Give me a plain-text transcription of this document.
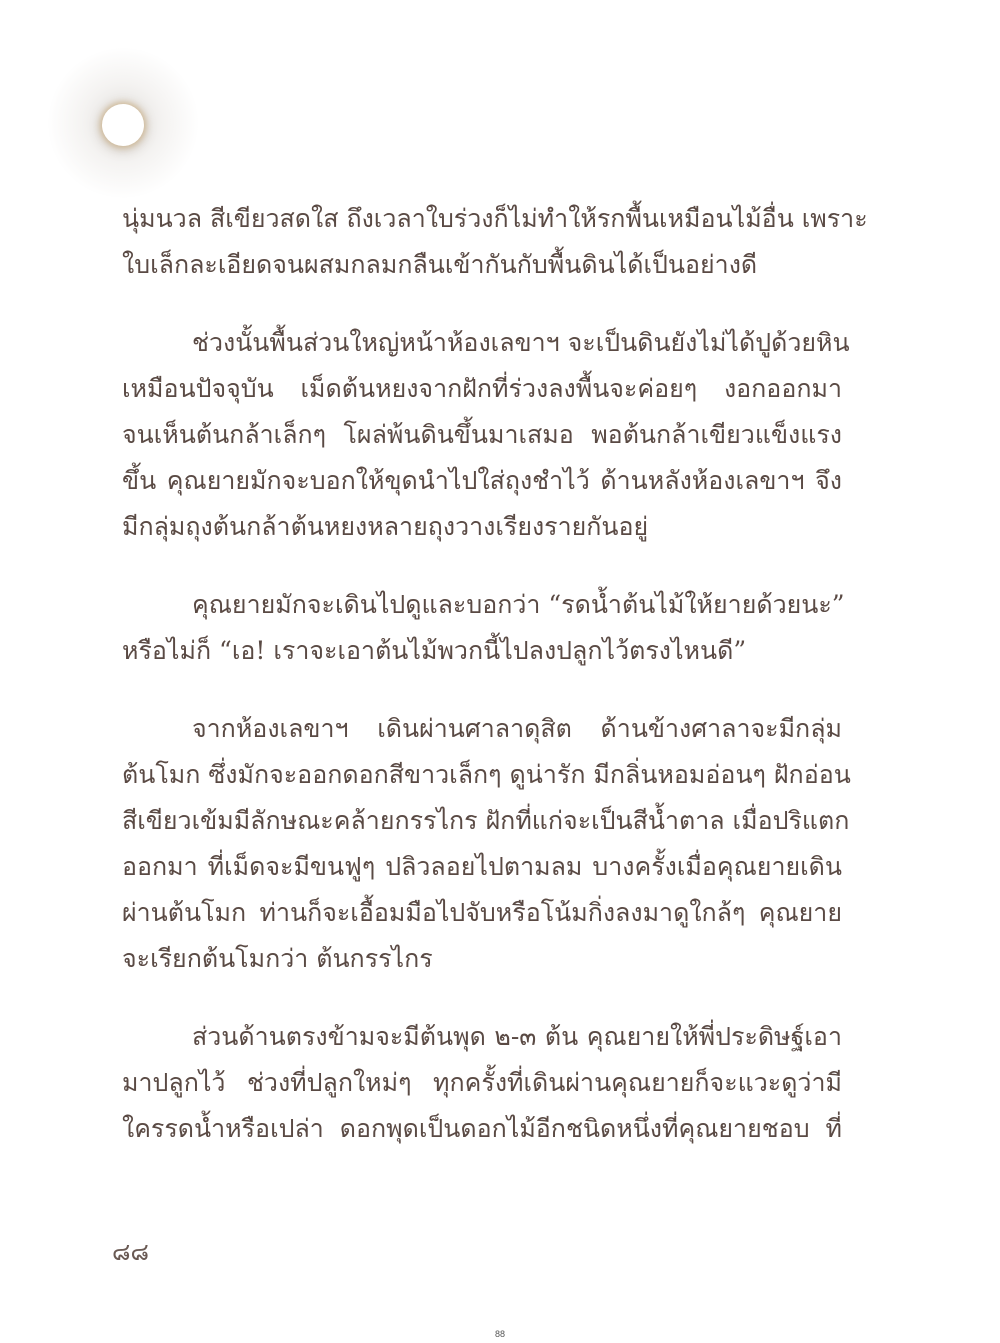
นุ่มนวล สีเขียวสดใส ถึงเวลาใบร่วงก็ไม่ทำให้รกพื้นเหมือนไม้อื่น เพราะ
ใบเล็กละเอียดจนผสมกลมกลืนเข้ากันกับพื้นดินได้เป็นอย่างดี
ช่วงนั้นพื้นส่วนใหญ่หน้าห้องเลขาฯ จะเป็นดินยังไม่ได้ปูด้วยหิน
เหมือนปัจจุบัน เม็ดต้นหยงจากฝักที่ร่วงลงพื้นจะค่อยๆ งอกออกมา
จนเห็นต้นกล้าเล็กๆ โผล่พ้นดินขึ้นมาเสมอ พอต้นกล้าเขียวแข็งแรง
ขึ้น คุณยายมักจะบอกให้ขุดนำไปใส่ถุงชำไว้ ด้านหลังห้องเลขาฯ จึง
มีกลุ่มถุงต้นกล้าต้นหยงหลายถุงวางเรียงรายกันอยู่
คุณยายมักจะเดินไปดูและบอกว่า “รดน้ำต้นไม้ให้ยายด้วยนะ”
หรือไม่ก็ “เอ! เราจะเอาต้นไม้พวกนี้ไปลงปลูกไว้ตรงไหนดี”
จากห้องเลขาฯ เดินผ่านศาลาดุสิต ด้านข้างศาลาจะมีกลุ่ม
ต้นโมก ซึ่งมักจะออกดอกสีขาวเล็กๆ ดูน่ารัก มีกลิ่นหอมอ่อนๆ ฝักอ่อน
สีเขียวเข้มมีลักษณะคล้ายกรรไกร ฝักที่แก่จะเป็นสีน้ำตาล เมื่อปริแตก
ออกมา ที่เม็ดจะมีขนฟูๆ ปลิวลอยไปตามลม บางครั้งเมื่อคุณยายเดิน
ผ่านต้นโมก ท่านก็จะเอื้อมมือไปจับหรือโน้มกิ่งลงมาดูใกล้ๆ คุณยาย
จะเรียกต้นโมกว่า ต้นกรรไกร
ส่วนด้านตรงข้ามจะมีต้นพุด ๒-๓ ต้น คุณยายให้พี่ประดิษฐ์เอา
มาปลูกไว้ ช่วงที่ปลูกใหม่ๆ ทุกครั้งที่เดินผ่านคุณยายก็จะแวะดูว่ามี
ใครรดน้ำหรือเปล่า ดอกพุดเป็นดอกไม้อีกชนิดหนึ่งที่คุณยายชอบ ที่
๘๘
88
